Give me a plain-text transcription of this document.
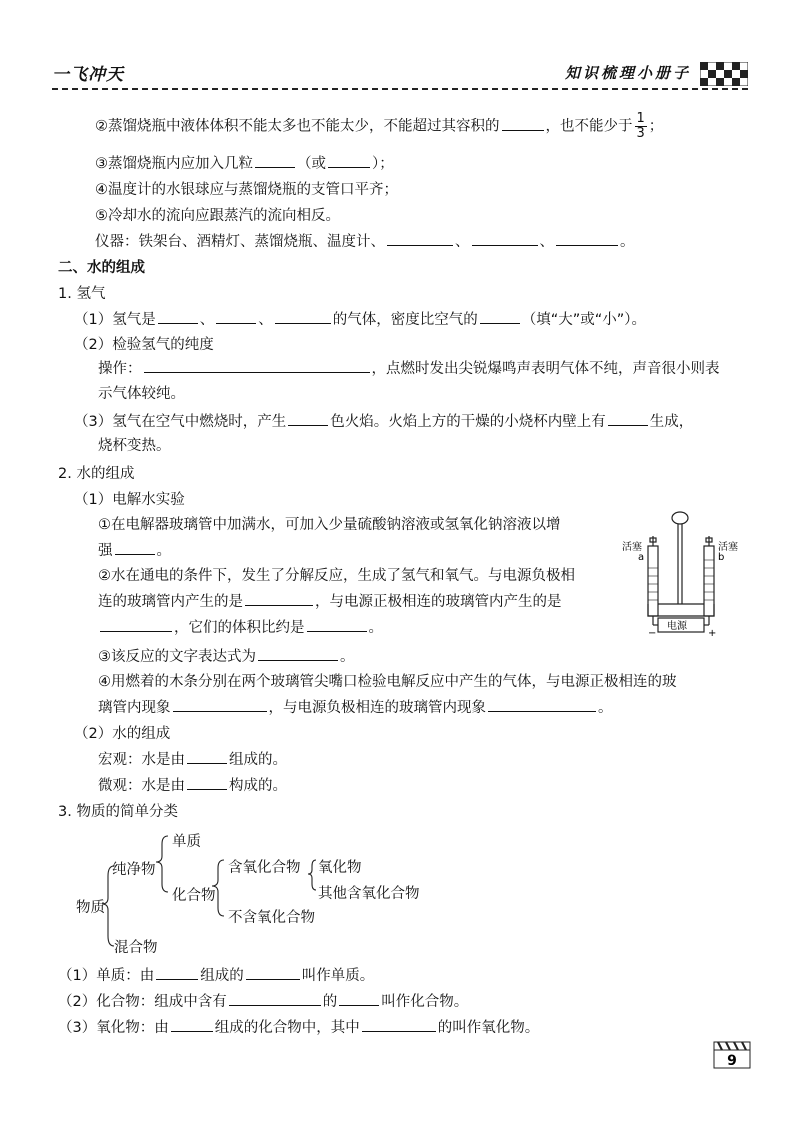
一飞冲天	知识梳理小册子
②蒸馏烧瓶中液体体积不能太多也不能太少，不能超过其容积的	，也不能少于 $\frac{1}{3}$ ；
③蒸馏烧瓶内应加入几粒	（或	）；
④温度计的水银球应与蒸馏烧瓶的支管口平齐；
⑤冷却水的流向应跟蒸汽的流向相反。
仪器：铁架台、酒精灯、蒸馏烧瓶、温度计、	、	、	。
二、水的组成
1. 氢气
（1）氢气是	、	、	的气体，密度比空气的	（填“大”或“小”）。
（2）检验氢气的纯度
操作：	，点燃时发出尖锐爆鸣声表明气体不纯，声音很小则表
示气体较纯。
（3）氢气在空气中燃烧时，产生	色火焰。火焰上方的干燥的小烧杯内壁上有	生成，
烧杯变热。
2. 水的组成
（1）电解水实验
①在电解器玻璃管中加满水，可加入少量硫酸钠溶液或氢氧化钠溶液以增
强	。
②水在通电的条件下，发生了分解反应，生成了氢气和氧气。与电源负极相
连的玻璃管内产生的是	，与电源正极相连的玻璃管内产生的是
，它们的体积比约是	。
活塞	活塞
a	b
电源
−	+
③该反应的文字表达式为	。
④用燃着的木条分别在两个玻璃管尖嘴口检验电解反应中产生的气体，与电源正极相连的玻
璃管内现象	，与电源负极相连的玻璃管内现象	。
（2）水的组成
宏观：水是由	组成的。
微观：水是由	构成的。
3. 物质的简单分类
物质
纯净物
混合物
单质
化合物
含氧化合物
不含氧化合物
氧化物
其他含氧化合物
（1）单质：由	组成的	叫作单质。
（2）化合物：组成中含有	的	叫作化合物。
（3）氧化物：由	组成的化合物中，其中	的叫作氧化物。
9
